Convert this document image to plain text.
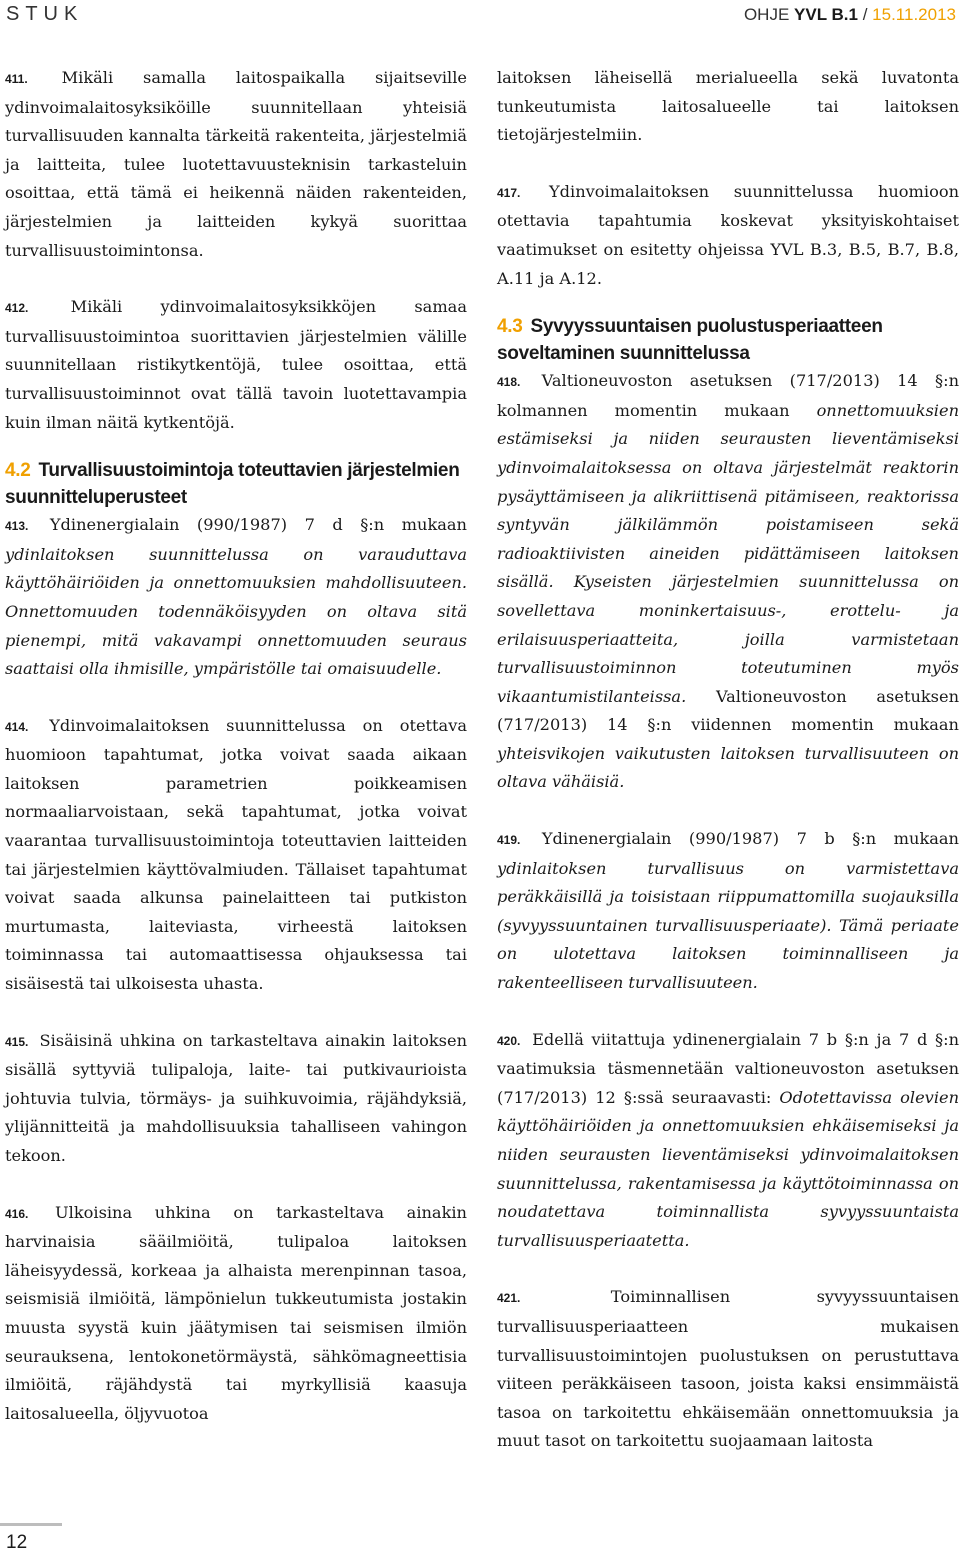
STUK	OHJE YVL B.1 / 15.11.2013

411. Mikäli samalla laitospaikalla sijaitseville ydinvoimalaitosyksiköille suunnitellaan yhteisiä turvallisuuden kannalta tärkeitä rakenteita, järjestelmiä ja laitteita, tulee luotettavuusteknisin tarkasteluin osoittaa, että tämä ei heikennä näiden rakenteiden, järjestelmien ja laitteiden kykyä suorittaa turvallisuustoimintonsa.

412.	Mikäli ydinvoimalaitosyksikköjen samaa turvallisuustoimintoa suorittavien järjestelmien välille suunnitellaan ristikytkentöjä, tulee osoittaa, että turvallisuustoiminnot ovat tällä tavoin luotettavampia kuin ilman näitä kytkentöjä.

4.2 Turvallisuustoimintoja toteuttavien järjestelmien suunnitteluperusteet

413. Ydinenergialain (990/1987) 7 d §:n mukaan ydinlaitoksen suunnittelussa on varauduttava käyttöhäiriöiden ja onnettomuuksien mahdollisuuteen. Onnettomuuden todennäköisyyden on oltava sitä pienempi, mitä vakavampi onnettomuuden seuraus saattaisi olla ihmisille, ympäristölle tai omaisuudelle.

414. Ydinvoimalaitoksen suunnittelussa on otettava huomioon tapahtumat, jotka voivat saada aikaan laitoksen parametrien poikkeamisen normaaliarvoistaan, sekä tapahtumat, jotka voivat vaarantaa turvallisuustoimintoja toteuttavien laitteiden tai järjestelmien käyttövalmiuden. Tällaiset tapahtumat voivat saada alkunsa painelaitteen tai putkiston murtumasta, laiteviasta, virheestä laitoksen toiminnassa tai automaattisessa ohjauksessa tai sisäisestä tai ulkoisesta uhasta.

415. Sisäisinä uhkina on tarkasteltava ainakin laitoksen sisällä syttyviä tulipaloja, laite- tai putkivaurioista johtuvia tulvia, törmäys- ja suihkuvoimia, räjähdyksiä, ylijännitteitä ja mahdollisuuksia tahalliseen vahingon tekoon.

416. Ulkoisina uhkina on tarkasteltava ainakin harvinaisia sääilmiöitä, tulipaloa laitoksen läheisyydessä, korkeaa ja alhaista merenpinnan tasoa, seismisiä ilmiöitä, lämpönielun tukkeutumista jostakin muusta syystä kuin jäätymisen tai seismisen ilmiön seurauksena, lentokonetörmäystä, sähkömagneettisia ilmiöitä, räjähdystä tai myrkyllisiä kaasuja laitosalueella, öljyvuotoa

laitoksen läheisellä merialueella sekä luvatonta tunkeutumista laitosalueelle tai laitoksen tietojärjestelmiin.

417. Ydinvoimalaitoksen suunnittelussa huomioon otettavia tapahtumia koskevat yksityiskohtaiset vaatimukset on esitetty ohjeissa YVL B.3, B.5, B.7, B.8, A.11 ja A.12.

4.3 Syvyyssuuntaisen puolustusperiaatteen soveltaminen suunnittelussa

418. Valtioneuvoston asetuksen (717/2013) 14 §:n kolmannen momentin mukaan onnettomuuksien estämiseksi ja niiden seurausten lieventämiseksi ydinvoimalaitoksessa on oltava järjestelmät reaktorin pysäyttämiseen ja alikriittisenä pitämiseen, reaktorissa syntyvän jälkilämmön poistamiseen sekä radioaktiivisten aineiden pidättämiseen laitoksen sisällä. Kyseisten järjestelmien suunnittelussa on sovellettava moninkertaisuus-, erottelu- ja erilaisuusperiaatteita, joilla varmistetaan turvallisuustoiminnon toteutuminen myös vikaantumistilanteissa. Valtioneuvoston asetuksen (717/2013) 14 §:n viidennen momentin mukaan yhteisvikojen vaikutusten laitoksen turvallisuuteen on oltava vähäisiä.

419. Ydinenergialain (990/1987) 7 b §:n mukaan ydinlaitoksen turvallisuus on varmistettava peräkkäisillä ja toisistaan riippumattomilla suojauksilla (syvyyssuuntainen turvallisuusperiaate). Tämä periaate on ulotettava laitoksen toiminnalliseen ja rakenteelliseen turvallisuuteen.

420. Edellä viitattuja ydinenergialain 7 b §:n ja 7 d §:n vaatimuksia täsmennetään valtioneuvoston asetuksen (717/2013) 12 §:ssä seuraavasti: Odotettavissa olevien käyttöhäiriöiden ja onnettomuuksien ehkäisemiseksi ja niiden seurausten lieventämiseksi ydinvoimalaitoksen suunnittelussa, rakentamisessa ja käyttötoiminnassa on noudatettava toiminnallista syvyyssuuntaista turvallisuusperiaatetta.

421.	Toiminnallisen syvyyssuuntaisen turvallisuusperiaatteen mukaisen turvallisuustoimintojen puolustuksen on perustuttava viiteen peräkkäiseen tasoon, joista kaksi ensimmäistä tasoa on tarkoitettu ehkäisemään onnettomuuksia ja muut tasot on tarkoitettu suojaamaan laitosta

12
